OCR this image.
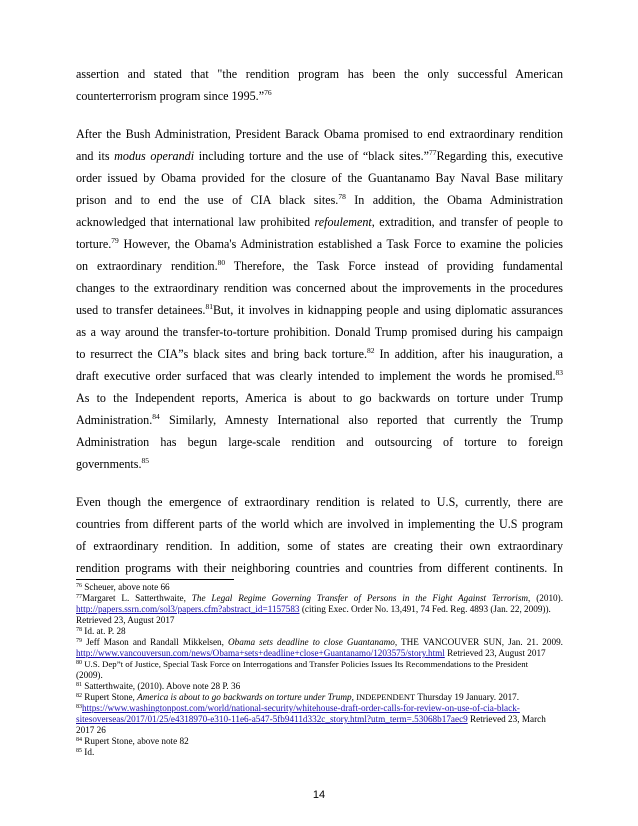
assertion and stated that "the rendition program has been the only successful American
counterterrorism program since 1995.”$^{76}$
After the Bush Administration, President Barack Obama promised to end extraordinary rendition
and its modus operandi including torture and the use of “black sites.”$^{77}$Regarding this, executive
order issued by Obama provided for the closure of the Guantanamo Bay Naval Base military
prison and to end the use of CIA black sites.$^{78}$ In addition, the Obama Administration
acknowledged that international law prohibited refoulement, extradition, and transfer of people to
torture.$^{79}$ However, the Obama's Administration established a Task Force to examine the policies
on extraordinary rendition.$^{80}$ Therefore, the Task Force instead of providing fundamental
changes to the extraordinary rendition was concerned about the improvements in the procedures
used to transfer detainees.$^{81}$But, it involves in kidnapping people and using diplomatic assurances
as a way around the transfer-to-torture prohibition. Donald Trump promised during his campaign
to resurrect the CIA”s black sites and bring back torture.$^{82}$ In addition, after his inauguration, a
draft executive order surfaced that was clearly intended to implement the words he promised.$^{83}$
As to the Independent reports, America is about to go backwards on torture under Trump
Administration.$^{84}$ Similarly, Amnesty International also reported that currently the Trump
Administration has begun large-scale rendition and outsourcing of torture to foreign
governments.$^{85}$
Even though the emergence of extraordinary rendition is related to U.S, currently, there are
countries from different parts of the world which are involved in implementing the U.S program
of extraordinary rendition. In addition, some of states are creating their own extraordinary
rendition programs with their neighboring countries and countries from different continents. In
$^{76}$ Scheuer, above note 66
$^{77}$Margaret L. Satterthwaite, The Legal Regime Governing Transfer of Persons in the Fight Against Terrorism, (2010).
http://papers.ssrn.com/sol3/papers.cfm?abstract_id=1157583 (citing Exec. Order No. 13,491, 74 Fed. Reg. 4893 (Jan. 22, 2009)).
Retrieved 23, August 2017
$^{78}$ Id. at. P. 28
$^{79}$ Jeff Mason and Randall Mikkelsen, Obama sets deadline to close Guantanamo, THE VANCOUVER SUN, Jan. 21. 2009.
http://www.vancouversun.com/news/Obama+sets+deadline+close+Guantanamo/1203575/story.html Retrieved 23, August 2017
$^{80}$ U.S. Dep”t of Justice, Special Task Force on Interrogations and Transfer Policies Issues Its Recommendations to the President
(2009).
$^{81}$ Satterthwaite, (2010). Above note 28 P. 36
$^{82}$ Rupert Stone, America is about to go backwards on torture under Trump, INDEPENDENT Thursday 19 January. 2017.
$^{83}$https://www.washingtonpost.com/world/national-security/whitehouse-draft-order-calls-for-review-on-use-of-cia-black-
sitesoverseas/2017/01/25/e4318970-e310-11e6-a547-5fb9411d332c_story.html?utm_term=.53068b17aec9 Retrieved 23, March
2017 26
$^{84}$ Rupert Stone, above note 82
$^{85}$ Id.
14
